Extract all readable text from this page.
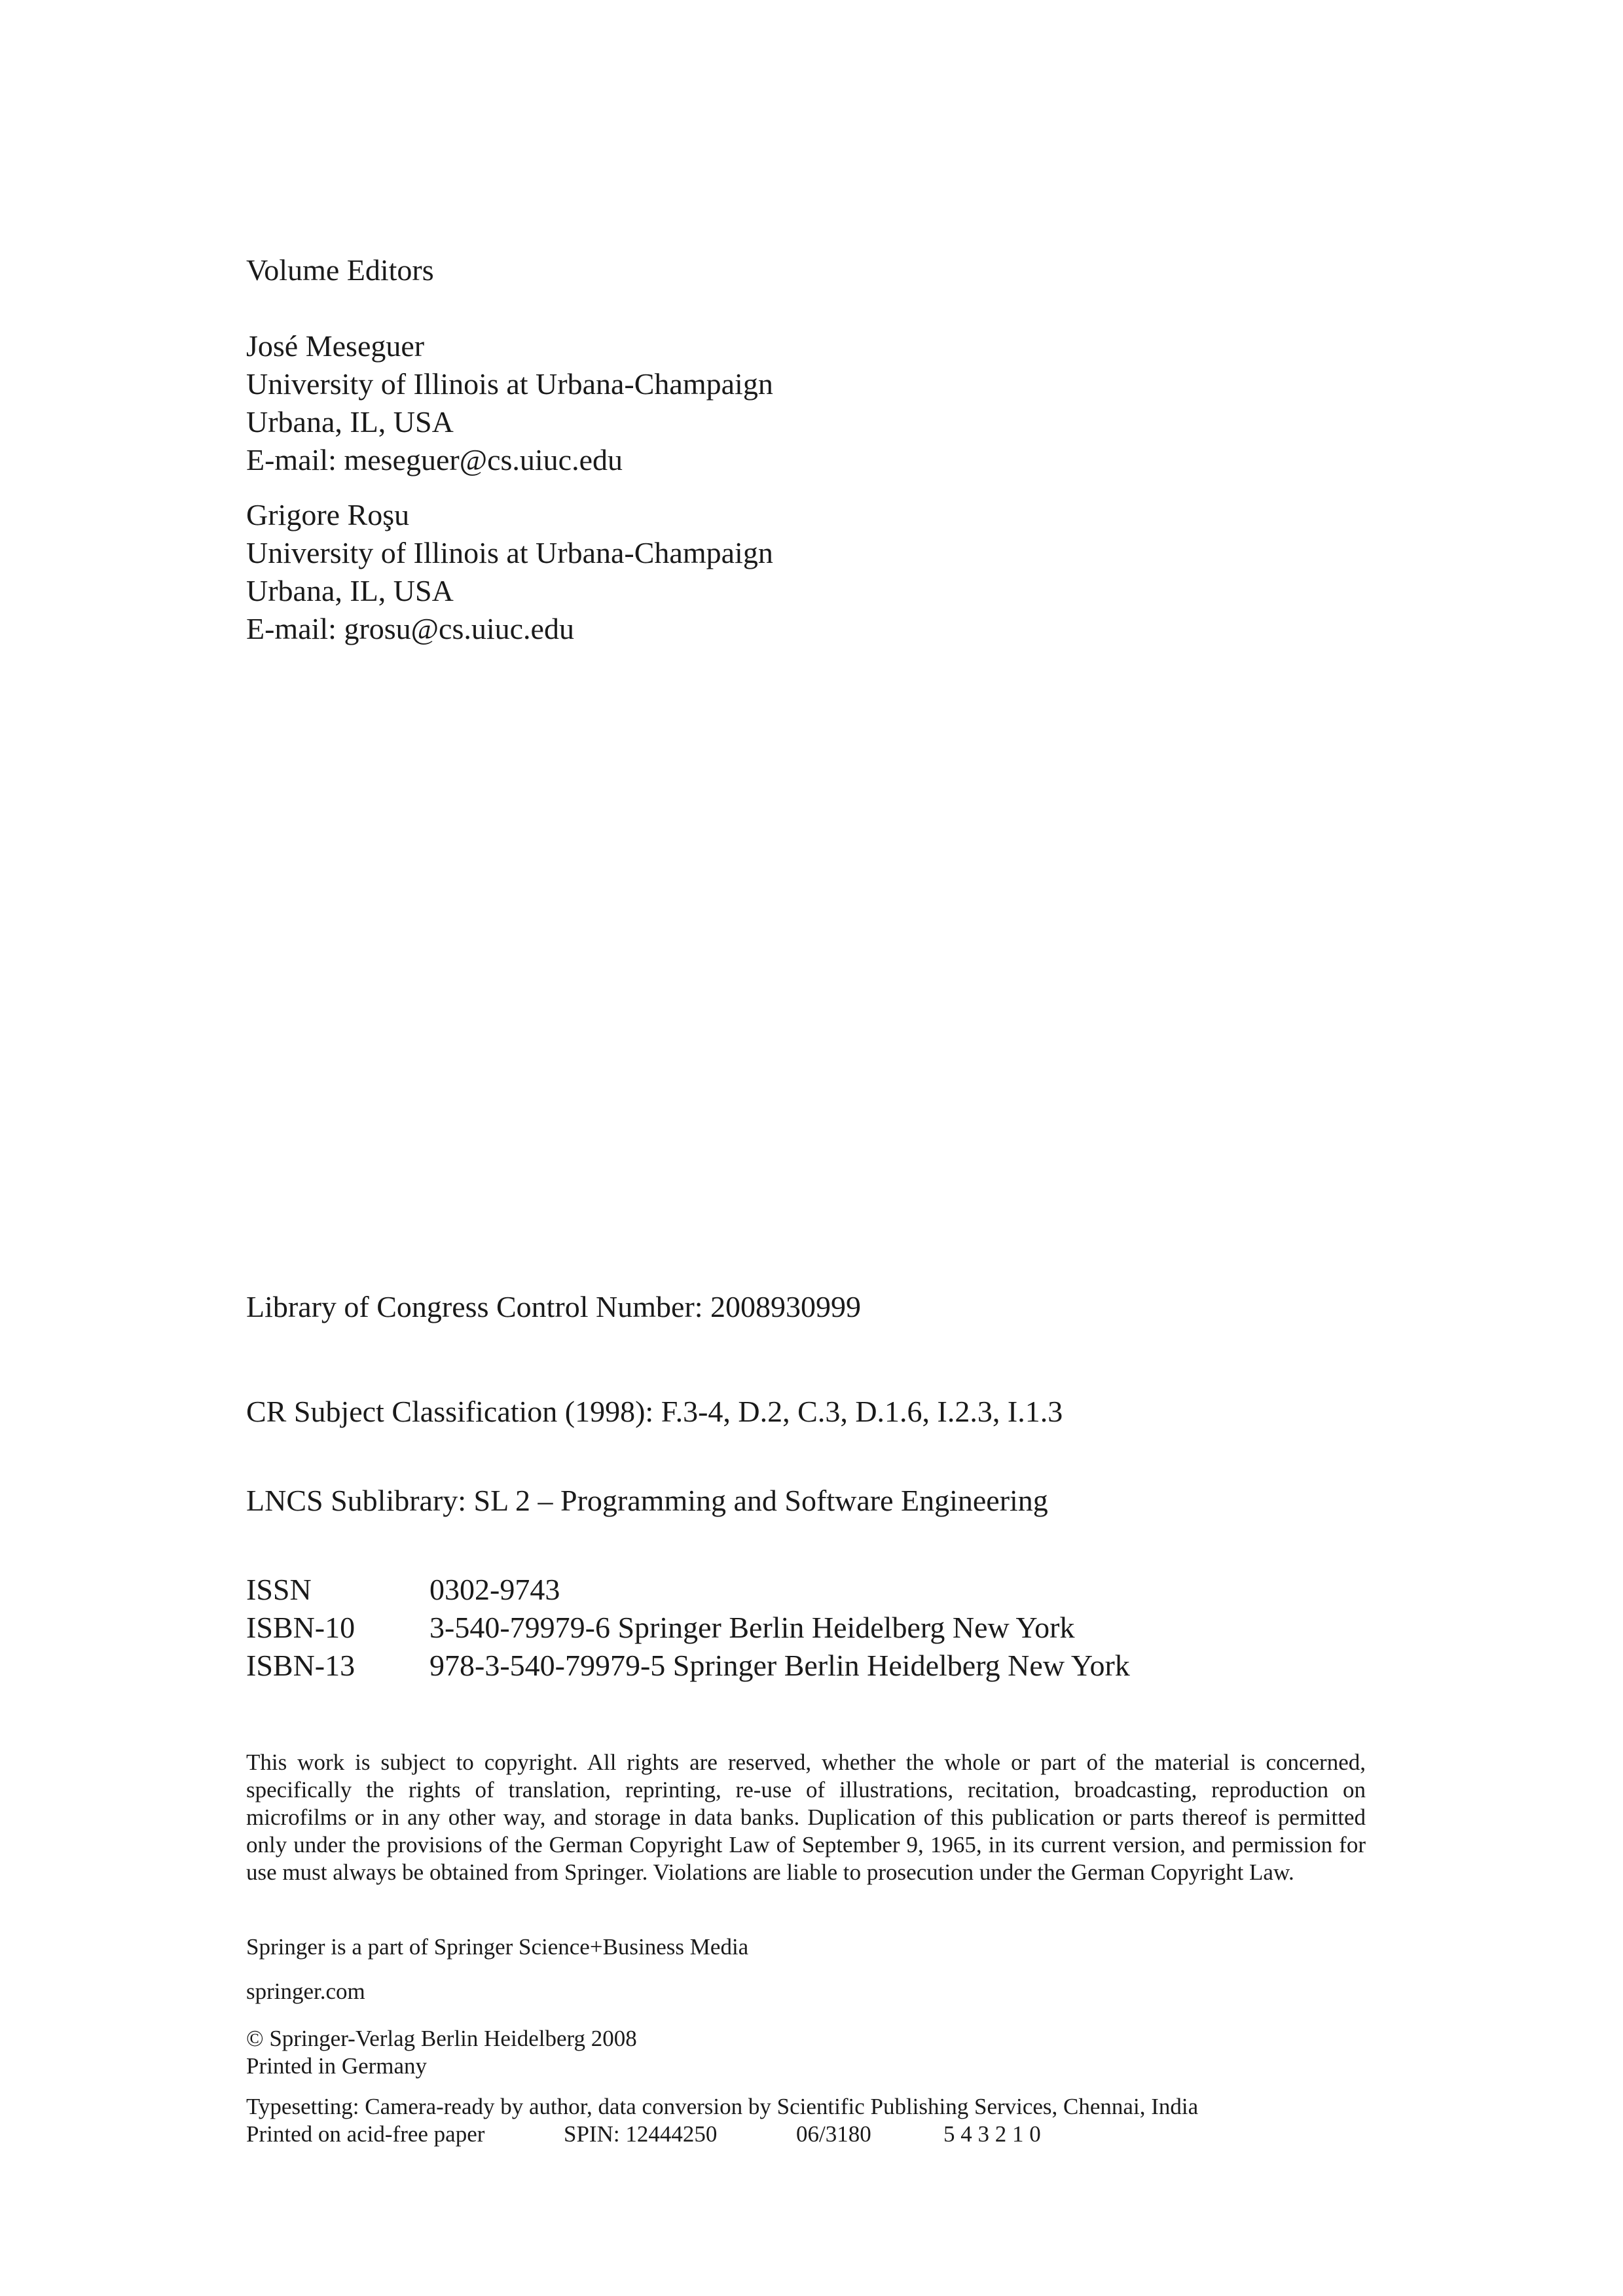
Volume Editors
José Meseguer
University of Illinois at Urbana-Champaign
Urbana, IL, USA
E-mail: meseguer@cs.uiuc.edu
Grigore Roşu
University of Illinois at Urbana-Champaign
Urbana, IL, USA
E-mail: grosu@cs.uiuc.edu
Library of Congress Control Number: 2008930999
CR Subject Classification (1998): F.3-4, D.2, C.3, D.1.6, I.2.3, I.1.3
LNCS Sublibrary: SL 2 – Programming and Software Engineering
ISSN	0302-9743
ISBN-10	3-540-79979-6 Springer Berlin Heidelberg New York
ISBN-13	978-3-540-79979-5 Springer Berlin Heidelberg New York
This work is subject to copyright. All rights are reserved, whether the whole or part of the material is concerned, specifically the rights of translation, reprinting, re-use of illustrations, recitation, broadcasting, reproduction on microfilms or in any other way, and storage in data banks. Duplication of this publication or parts thereof is permitted only under the provisions of the German Copyright Law of September 9, 1965, in its current version, and permission for use must always be obtained from Springer. Violations are liable to prosecution under the German Copyright Law.
Springer is a part of Springer Science+Business Media
springer.com
© Springer-Verlag Berlin Heidelberg 2008
Printed in Germany
Typesetting: Camera-ready by author, data conversion by Scientific Publishing Services, Chennai, India
Printed on acid-free paper	SPIN: 12444250	06/3180	5 4 3 2 1 0
